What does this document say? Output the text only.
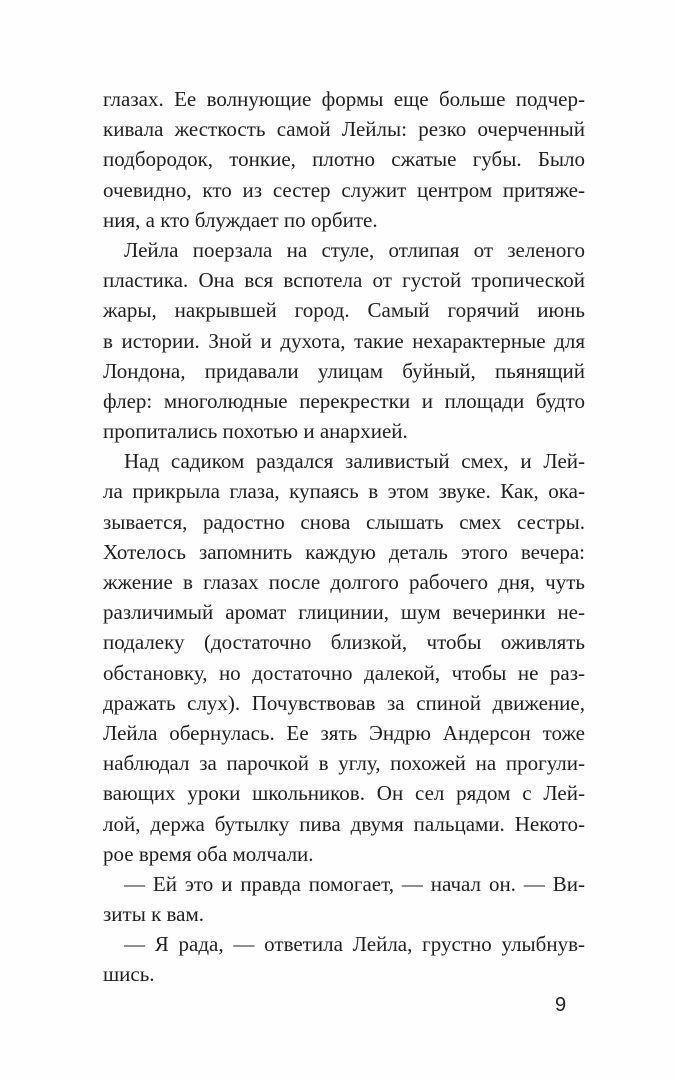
глазах. Ее волнующие формы еще больше подчер-
кивала жесткость самой Лейлы: резко очерченный
подбородок, тонкие, плотно сжатые губы. Было
очевидно, кто из сестер служит центром притяже-
ния, а кто блуждает по орбите.
Лейла поерзала на стуле, отлипая от зеленого
пластика. Она вся вспотела от густой тропической
жары, накрывшей город. Самый горячий июнь
в истории. Зной и духота, такие нехарактерные для
Лондона, придавали улицам буйный, пьянящий
флер: многолюдные перекрестки и площади будто
пропитались похотью и анархией.
Над садиком раздался заливистый смех, и Лей-
ла прикрыла глаза, купаясь в этом звуке. Как, ока-
зывается, радостно снова слышать смех сестры.
Хотелось запомнить каждую деталь этого вечера:
жжение в глазах после долгого рабочего дня, чуть
различимый аромат глицинии, шум вечеринки не-
подалеку (достаточно близкой, чтобы оживлять
обстановку, но достаточно далекой, чтобы не раз-
дражать слух). Почувствовав за спиной движение,
Лейла обернулась. Ее зять Эндрю Андерсон тоже
наблюдал за парочкой в углу, похожей на прогули-
вающих уроки школьников. Он сел рядом с Лей-
лой, держа бутылку пива двумя пальцами. Некото-
рое время оба молчали.
— Ей это и правда помогает, — начал он. — Ви-
зиты к вам.
— Я рада, — ответила Лейла, грустно улыбнув-
шись.
9
